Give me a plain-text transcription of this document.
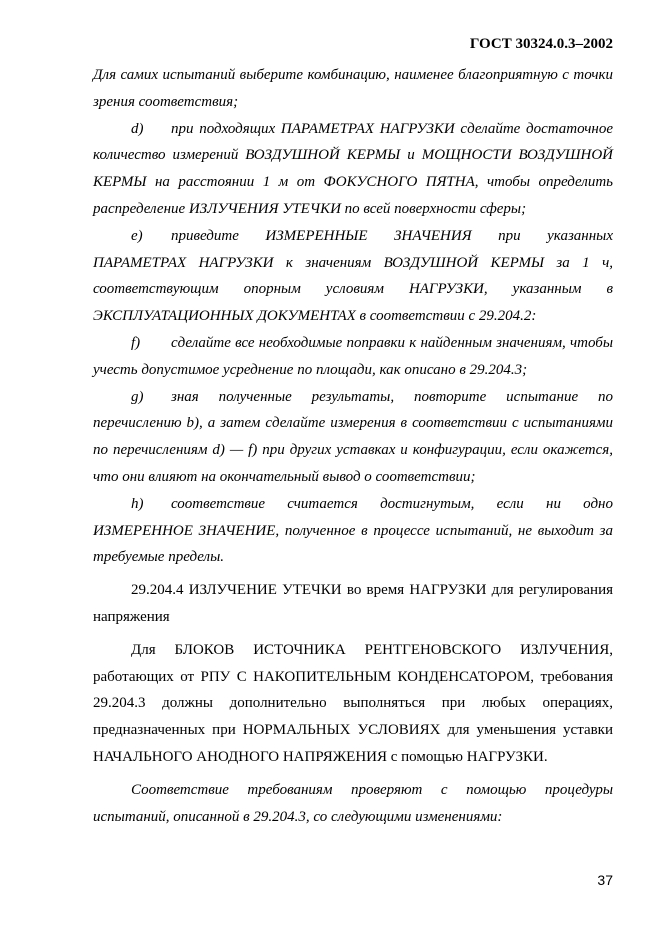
ГОСТ 30324.0.3–2002

Для самих испытаний выберите комбинацию, наименее благоприятную с точки зрения соответствия;

d) при подходящих ПАРАМЕТРАХ НАГРУЗКИ сделайте достаточное количество измерений ВОЗДУШНОЙ КЕРМЫ и МОЩНОСТИ ВОЗДУШНОЙ КЕРМЫ на расстоянии 1 м от ФОКУСНОГО ПЯТНА, чтобы определить распределение ИЗЛУЧЕНИЯ УТЕЧКИ по всей поверхности сферы;

e) приведите ИЗМЕРЕННЫЕ ЗНАЧЕНИЯ при указанных ПАРАМЕТРАХ НАГРУЗКИ к значениям ВОЗДУШНОЙ КЕРМЫ за 1 ч, соответствующим опорным условиям НАГРУЗКИ, указанным в ЭКСПЛУАТАЦИОННЫХ ДОКУМЕНТАХ в соответствии с 29.204.2:

f) сделайте все необходимые поправки к найденным значениям, чтобы учесть допустимое усреднение по площади, как описано в 29.204.3;

g) зная полученные результаты, повторите испытание по перечислению b), а затем сделайте измерения в соответствии с испытаниями по перечислениям d) — f) при других уставках и конфигурации, если окажется, что они влияют на окончательный вывод о соответствии;

h) соответствие считается достигнутым, если ни одно ИЗМЕРЕННОЕ ЗНАЧЕНИЕ, полученное в процессе испытаний, не выходит за требуемые пределы.

29.204.4 ИЗЛУЧЕНИЕ УТЕЧКИ во время НАГРУЗКИ для регулирования напряжения

Для БЛОКОВ ИСТОЧНИКА РЕНТГЕНОВСКОГО ИЗЛУЧЕНИЯ, работающих от РПУ С НАКОПИТЕЛЬНЫМ КОНДЕНСАТОРОМ, требования 29.204.3 должны дополнительно выполняться при любых операциях, предназначенных при НОРМАЛЬНЫХ УСЛОВИЯХ для уменьшения уставки НАЧАЛЬНОГО АНОДНОГО НАПРЯЖЕНИЯ с помощью НАГРУЗКИ.

Соответствие требованиям проверяют с помощью процедуры испытаний, описанной в 29.204.3, со следующими изменениями:

37
